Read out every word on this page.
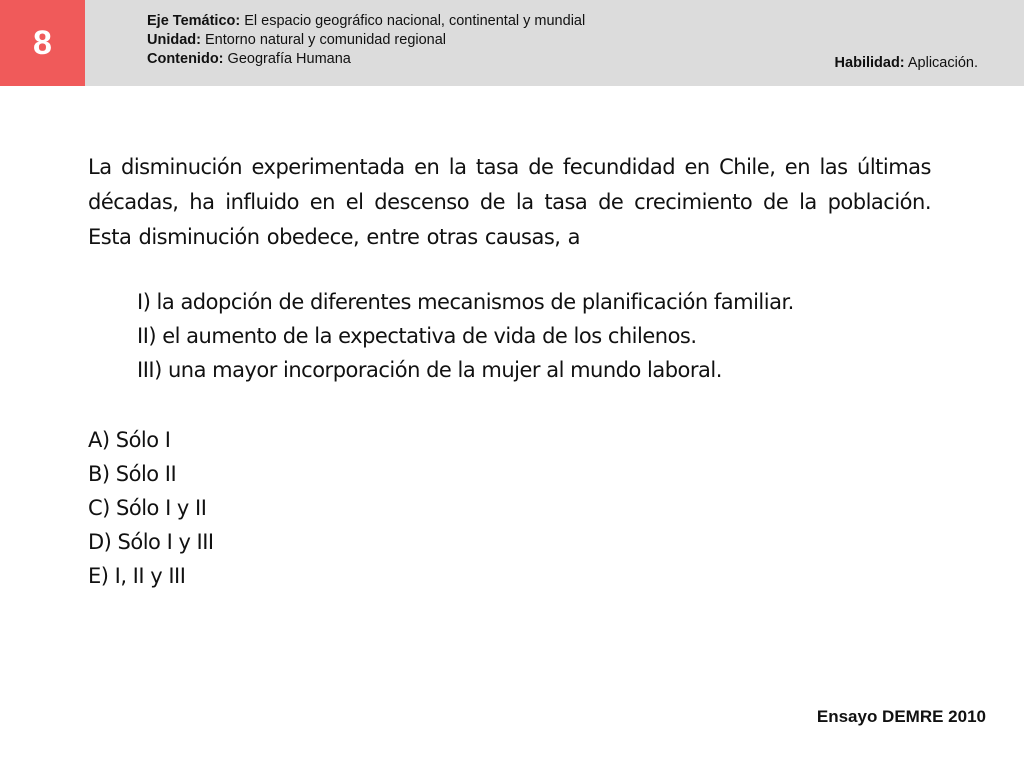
8
Eje Temático: El espacio geográfico nacional, continental y mundial
Unidad: Entorno natural y comunidad regional
Contenido: Geografía Humana	Habilidad: Aplicación.
La disminución experimentada en la tasa de fecundidad en Chile, en las últimas décadas, ha influido en el descenso de la tasa de crecimiento de la población. Esta disminución obedece, entre otras causas, a
I) la adopción de diferentes mecanismos de planificación familiar.
II) el aumento de la expectativa de vida de los chilenos.
III) una mayor incorporación de la mujer al mundo laboral.
A) Sólo I
B) Sólo II
C) Sólo I y II
D) Sólo I y III
E) I, II y III
Ensayo DEMRE 2010
